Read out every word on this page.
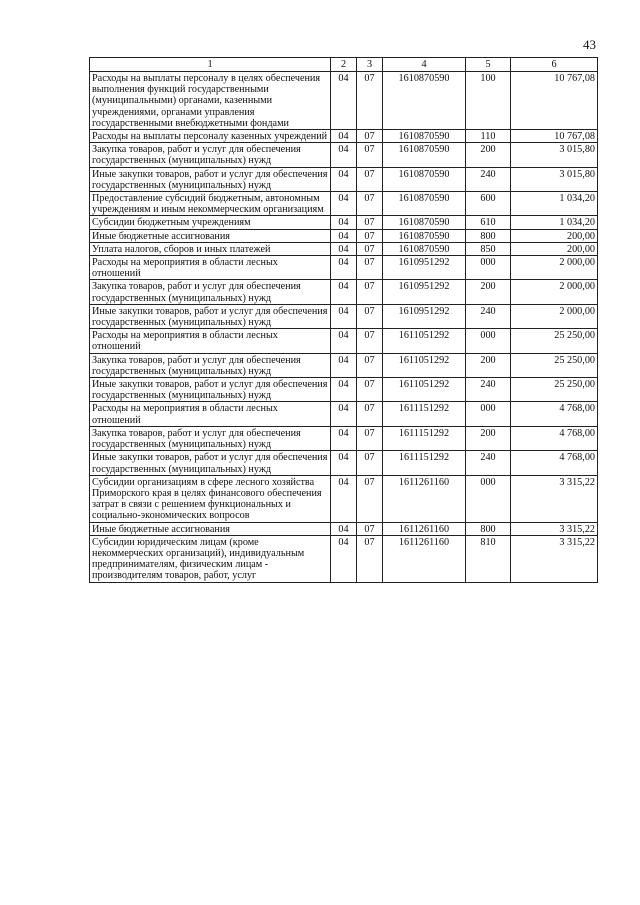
43
1	2	3	4	5	6
Расходы на выплаты персоналу в целях обеспечения выполнения функций государственными (муниципальными) органами, казенными учреждениями, органами управления государственными внебюджетными фондами	04	07	1610870590	100	10 767,08
Расходы на выплаты персоналу казенных учреждений	04	07	1610870590	110	10 767,08
Закупка товаров, работ и услуг для обеспечения государственных (муниципальных) нужд	04	07	1610870590	200	3 015,80
Иные закупки товаров, работ и услуг для обеспечения государственных (муниципальных) нужд	04	07	1610870590	240	3 015,80
Предоставление субсидий бюджетным, автономным учреждениям и иным некоммерческим организациям	04	07	1610870590	600	1 034,20
Субсидии бюджетным учреждениям	04	07	1610870590	610	1 034,20
Иные бюджетные ассигнования	04	07	1610870590	800	200,00
Уплата налогов, сборов и иных платежей	04	07	1610870590	850	200,00
Расходы на мероприятия в области лесных отношений	04	07	1610951292	000	2 000,00
Закупка товаров, работ и услуг для обеспечения государственных (муниципальных) нужд	04	07	1610951292	200	2 000,00
Иные закупки товаров, работ и услуг для обеспечения государственных (муниципальных) нужд	04	07	1610951292	240	2 000,00
Расходы на мероприятия в области лесных отношений	04	07	1611051292	000	25 250,00
Закупка товаров, работ и услуг для обеспечения государственных (муниципальных) нужд	04	07	1611051292	200	25 250,00
Иные закупки товаров, работ и услуг для обеспечения государственных (муниципальных) нужд	04	07	1611051292	240	25 250,00
Расходы на мероприятия в области лесных отношений	04	07	1611151292	000	4 768,00
Закупка товаров, работ и услуг для обеспечения государственных (муниципальных) нужд	04	07	1611151292	200	4 768,00
Иные закупки товаров, работ и услуг для обеспечения государственных (муниципальных) нужд	04	07	1611151292	240	4 768,00
Субсидии организациям в сфере лесного хозяйства Приморского края в целях финансового обеспечения затрат в связи с решением функциональных и социально-экономических вопросов	04	07	1611261160	000	3 315,22
Иные бюджетные ассигнования	04	07	1611261160	800	3 315,22
Субсидии юридическим лицам (кроме некоммерческих организаций), индивидуальным предпринимателям, физическим лицам - производителям товаров, работ, услуг	04	07	1611261160	810	3 315,22
